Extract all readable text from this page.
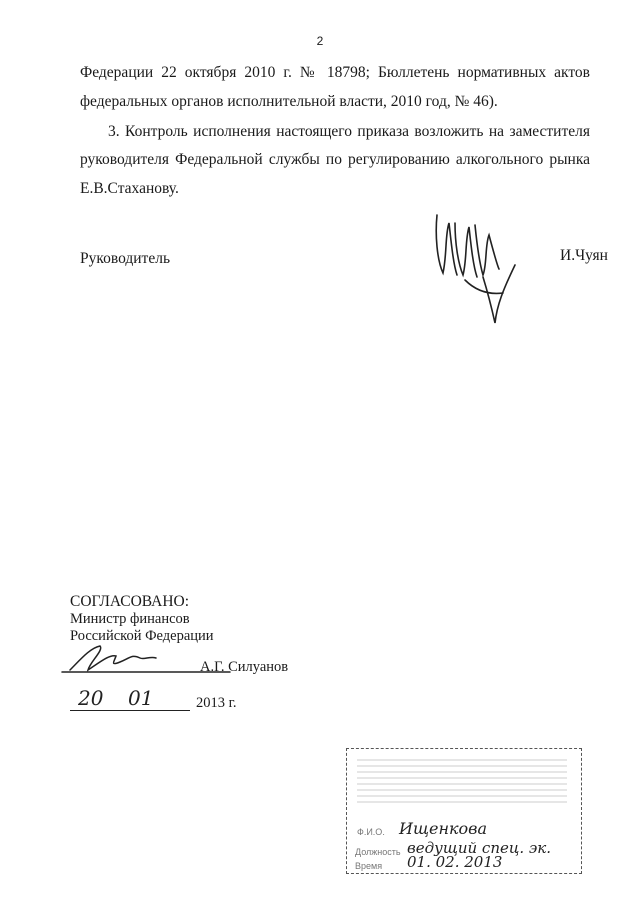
2
Федерации 22 октября 2010 г. № 18798; Бюллетень нормативных актов
федеральных органов исполнительной власти, 2010 год, № 46).
3. Контроль исполнения настоящего приказа возложить на заместителя
руководителя Федеральной службы по регулированию алкогольного рынка
Е.В.Стаханову.
Руководитель	И.Чуян
СОГЛАСОВАНО:
Министр финансов
Российской Федерации
А.Г. Силуанов
20 01	2013 г.
Ф.И.О. Ищенкова
Должность ведущий спец. эк.
Время 01. 02. 2013
